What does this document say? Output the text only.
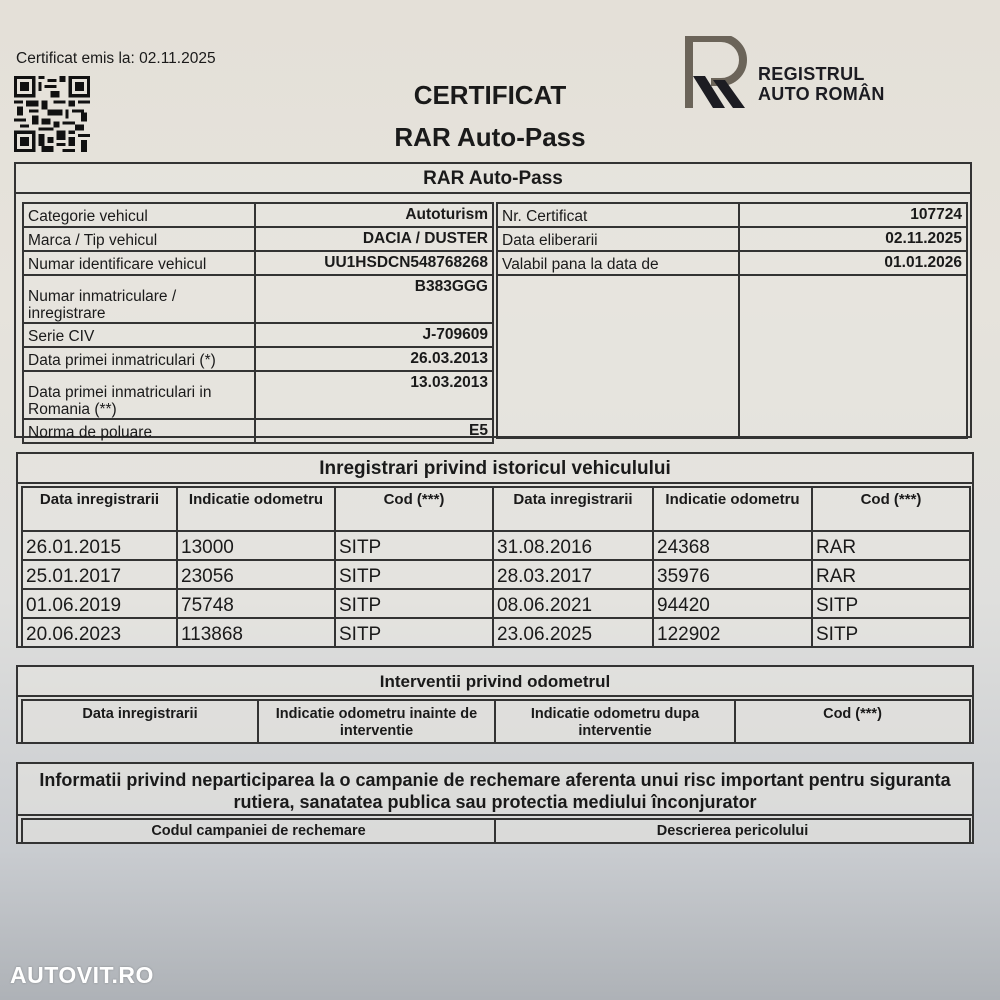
Certificat emis la: 02.11.2025
CERTIFICAT
RAR Auto-Pass
REGISTRUL
AUTO ROMÂN
RAR Auto-Pass
Categorie vehicul	Autoturism
Marca / Tip vehicul	DACIA / DUSTER
Numar identificare vehicul	UU1HSDCN548768268
Numar inmatriculare / inregistrare	B383GGG
Serie CIV	J-709609
Data primei inmatriculari (*)	26.03.2013
Data primei inmatriculari in Romania (**)	13.03.2013
Norma de poluare	E5
Nr. Certificat	107724
Data eliberarii	02.11.2025
Valabil pana la data de	01.01.2026

Inregistrari privind istoricul vehiculului
Data inregistrarii	Indicatie odometru	Cod (***)	Data inregistrarii	Indicatie odometru	Cod (***)
26.01.2015	13000	SITP	31.08.2016	24368	RAR
25.01.2017	23056	SITP	28.03.2017	35976	RAR
01.06.2019	75748	SITP	08.06.2021	94420	SITP
20.06.2023	113868	SITP	23.06.2025	122902	SITP
Interventii privind odometrul
Data inregistrarii	Indicatie odometru inainte de interventie	Indicatie odometru dupa interventie	Cod (***)
Informatii privind neparticiparea la o campanie de rechemare aferenta unui risc important pentru siguranta rutiera, sanatatea publica sau protectia mediului înconjurator
Codul campaniei de rechemare	Descrierea pericolului
AUTOVIT.RO
